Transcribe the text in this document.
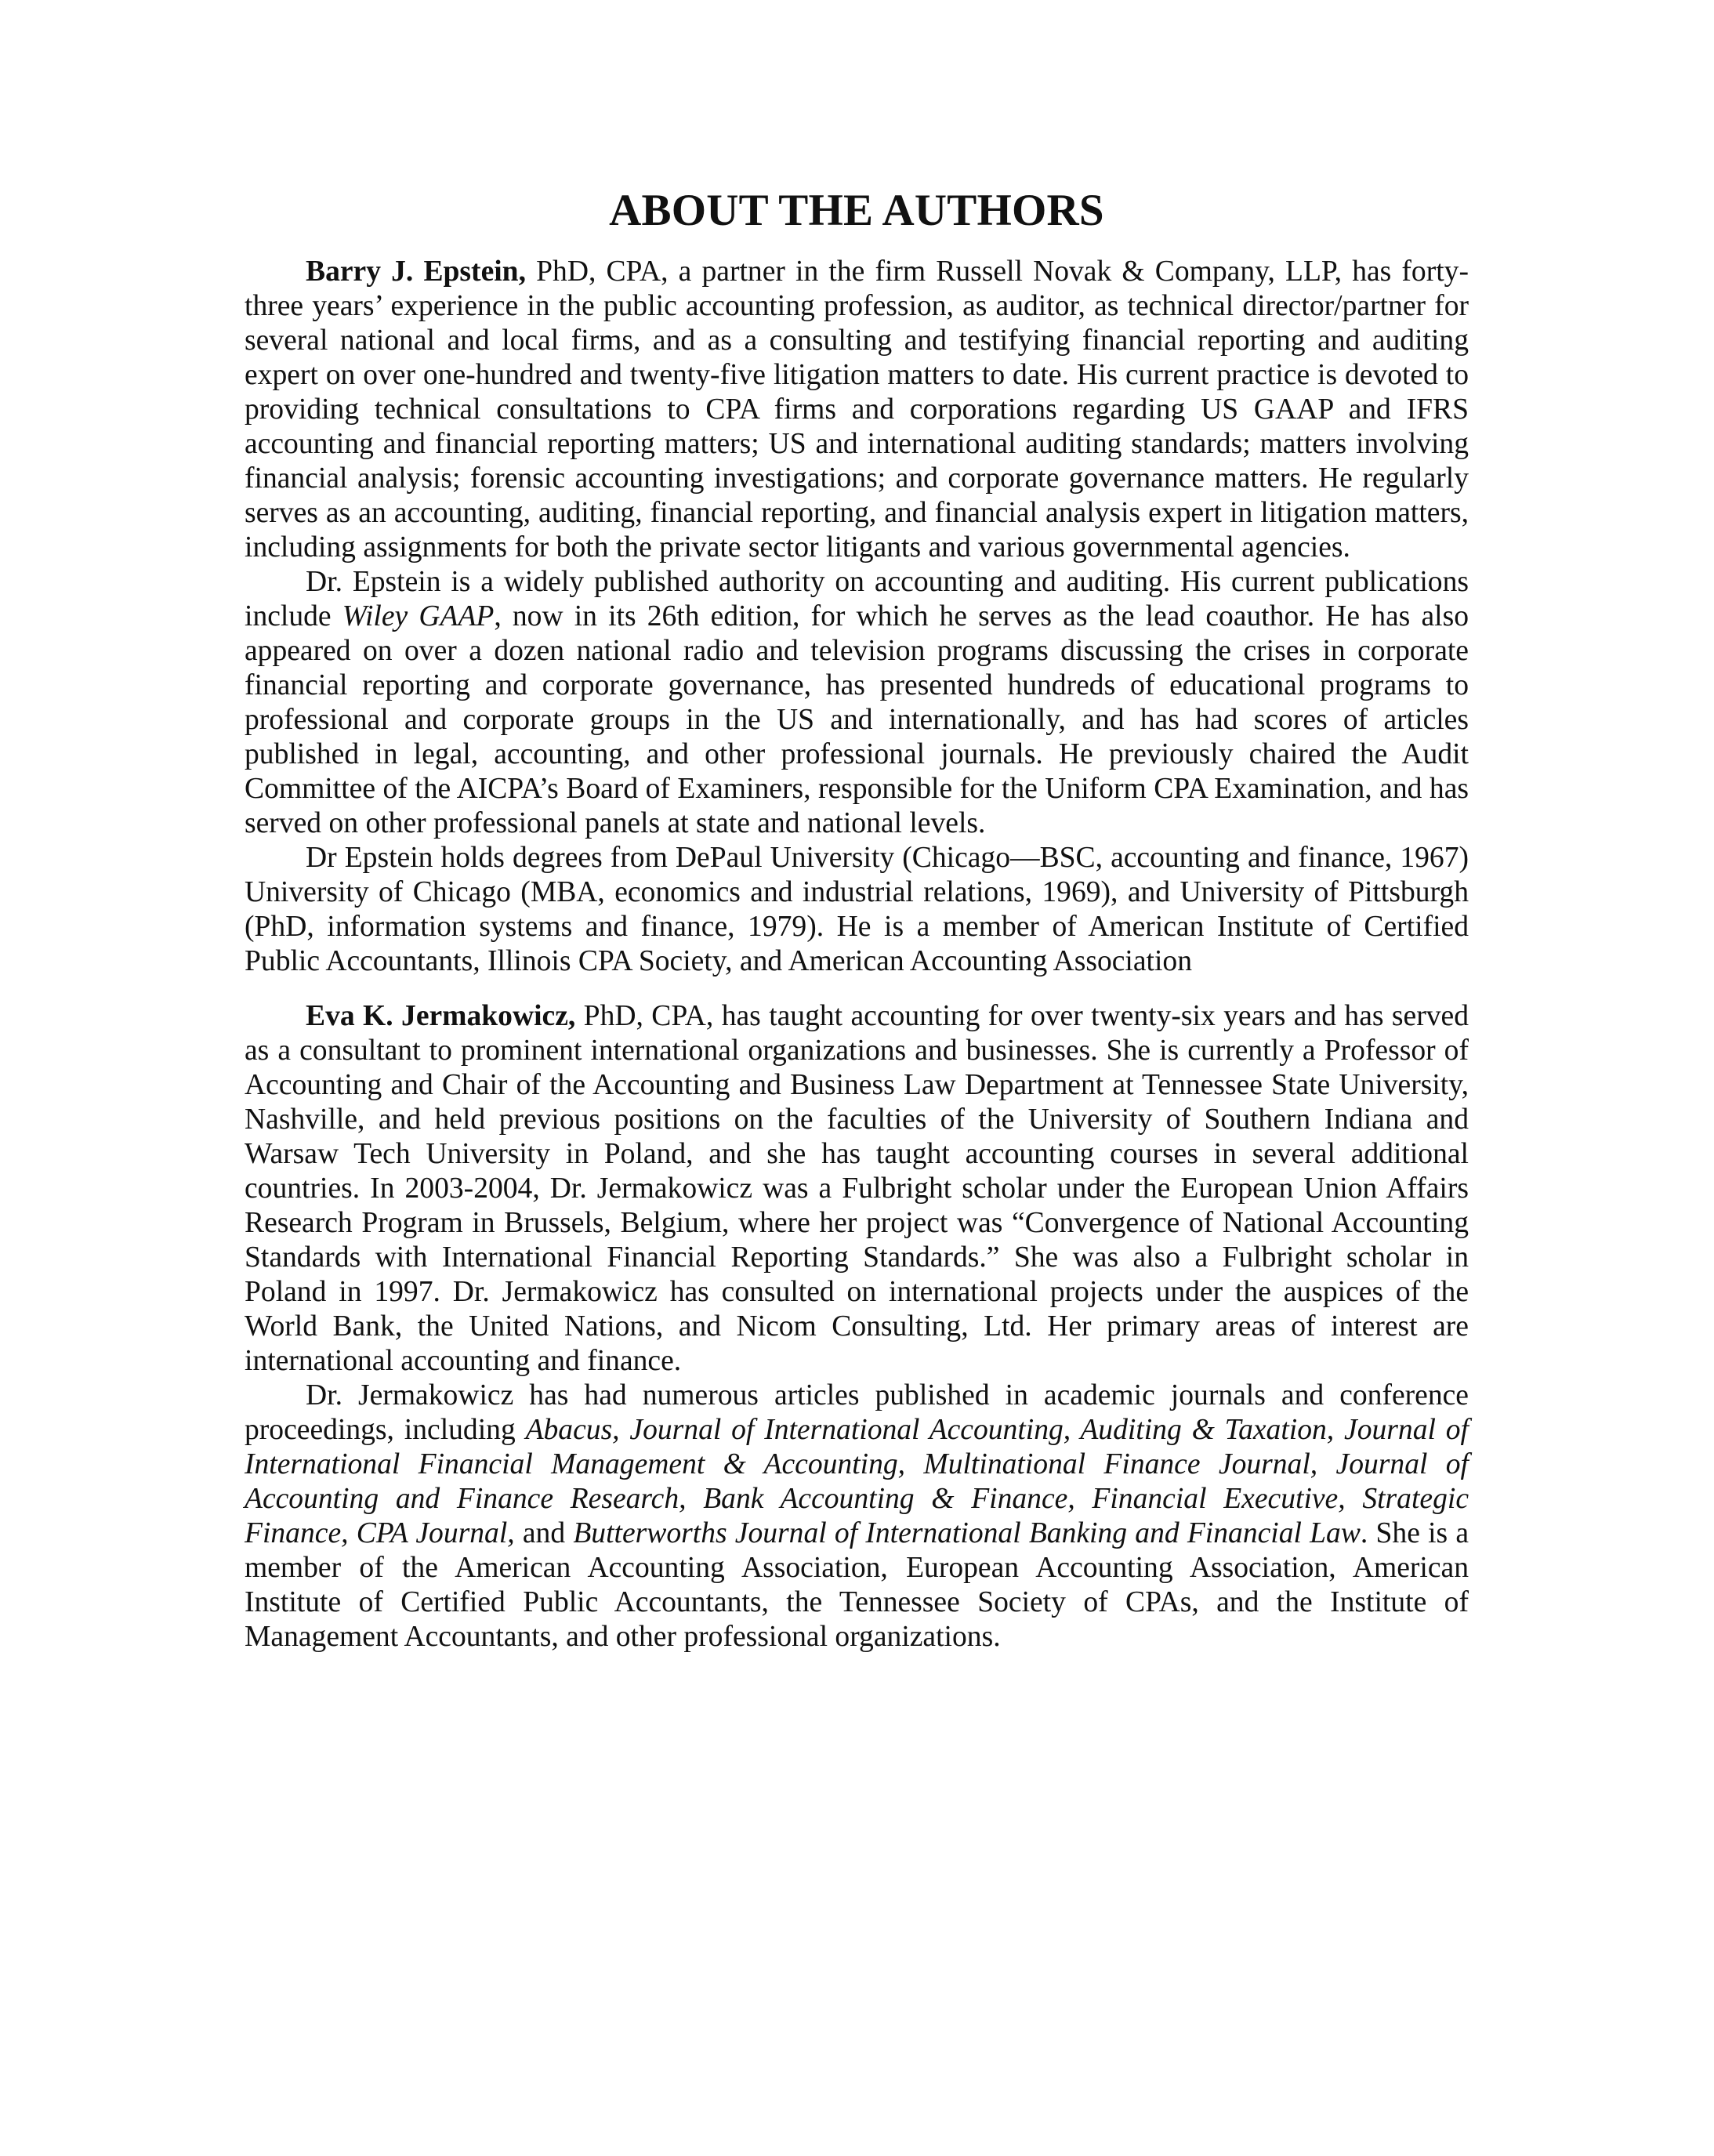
ABOUT THE AUTHORS

Barry J. Epstein, PhD, CPA, a partner in the firm Russell Novak & Company, LLP, has forty-three years’ experience in the public accounting profession, as auditor, as technical director/partner for several national and local firms, and as a consulting and testifying financial reporting and auditing expert on over one-hundred and twenty-five litigation matters to date. His current practice is devoted to providing technical consultations to CPA firms and corporations regarding US GAAP and IFRS accounting and financial reporting matters; US and international auditing standards; matters involving financial analysis; forensic accounting investigations; and corporate governance matters. He regularly serves as an accounting, auditing, financial reporting, and financial analysis expert in litigation matters, including assignments for both the private sector litigants and various governmental agencies.

Dr. Epstein is a widely published authority on accounting and auditing. His current publications include Wiley GAAP, now in its 26th edition, for which he serves as the lead coauthor. He has also appeared on over a dozen national radio and television programs discussing the crises in corporate financial reporting and corporate governance, has presented hundreds of educational programs to professional and corporate groups in the US and internationally, and has had scores of articles published in legal, accounting, and other professional journals. He previously chaired the Audit Committee of the AICPA’s Board of Examiners, responsible for the Uniform CPA Examination, and has served on other professional panels at state and national levels.

Dr Epstein holds degrees from DePaul University (Chicago—BSC, accounting and finance, 1967) University of Chicago (MBA, economics and industrial relations, 1969), and University of Pittsburgh (PhD, information systems and finance, 1979). He is a member of American Institute of Certified Public Accountants, Illinois CPA Society, and American Accounting Association

Eva K. Jermakowicz, PhD, CPA, has taught accounting for over twenty-six years and has served as a consultant to prominent international organizations and businesses. She is currently a Professor of Accounting and Chair of the Accounting and Business Law Department at Tennessee State University, Nashville, and held previous positions on the faculties of the University of Southern Indiana and Warsaw Tech University in Poland, and she has taught accounting courses in several additional countries. In 2003-2004, Dr. Jermakowicz was a Fulbright scholar under the European Union Affairs Research Program in Brussels, Belgium, where her project was “Convergence of National Accounting Standards with International Financial Reporting Standards.” She was also a Fulbright scholar in Poland in 1997. Dr. Jermakowicz has consulted on international projects under the auspices of the World Bank, the United Nations, and Nicom Consulting, Ltd. Her primary areas of interest are international accounting and finance.

Dr. Jermakowicz has had numerous articles published in academic journals and conference proceedings, including Abacus, Journal of International Accounting, Auditing & Taxation, Journal of International Financial Management & Accounting, Multinational Finance Journal, Journal of Accounting and Finance Research, Bank Accounting & Finance, Financial Executive, Strategic Finance, CPA Journal, and Butterworths Journal of International Banking and Financial Law. She is a member of the American Accounting Association, European Accounting Association, American Institute of Certified Public Accountants, the Tennessee Society of CPAs, and the Institute of Management Accountants, and other professional organizations.
